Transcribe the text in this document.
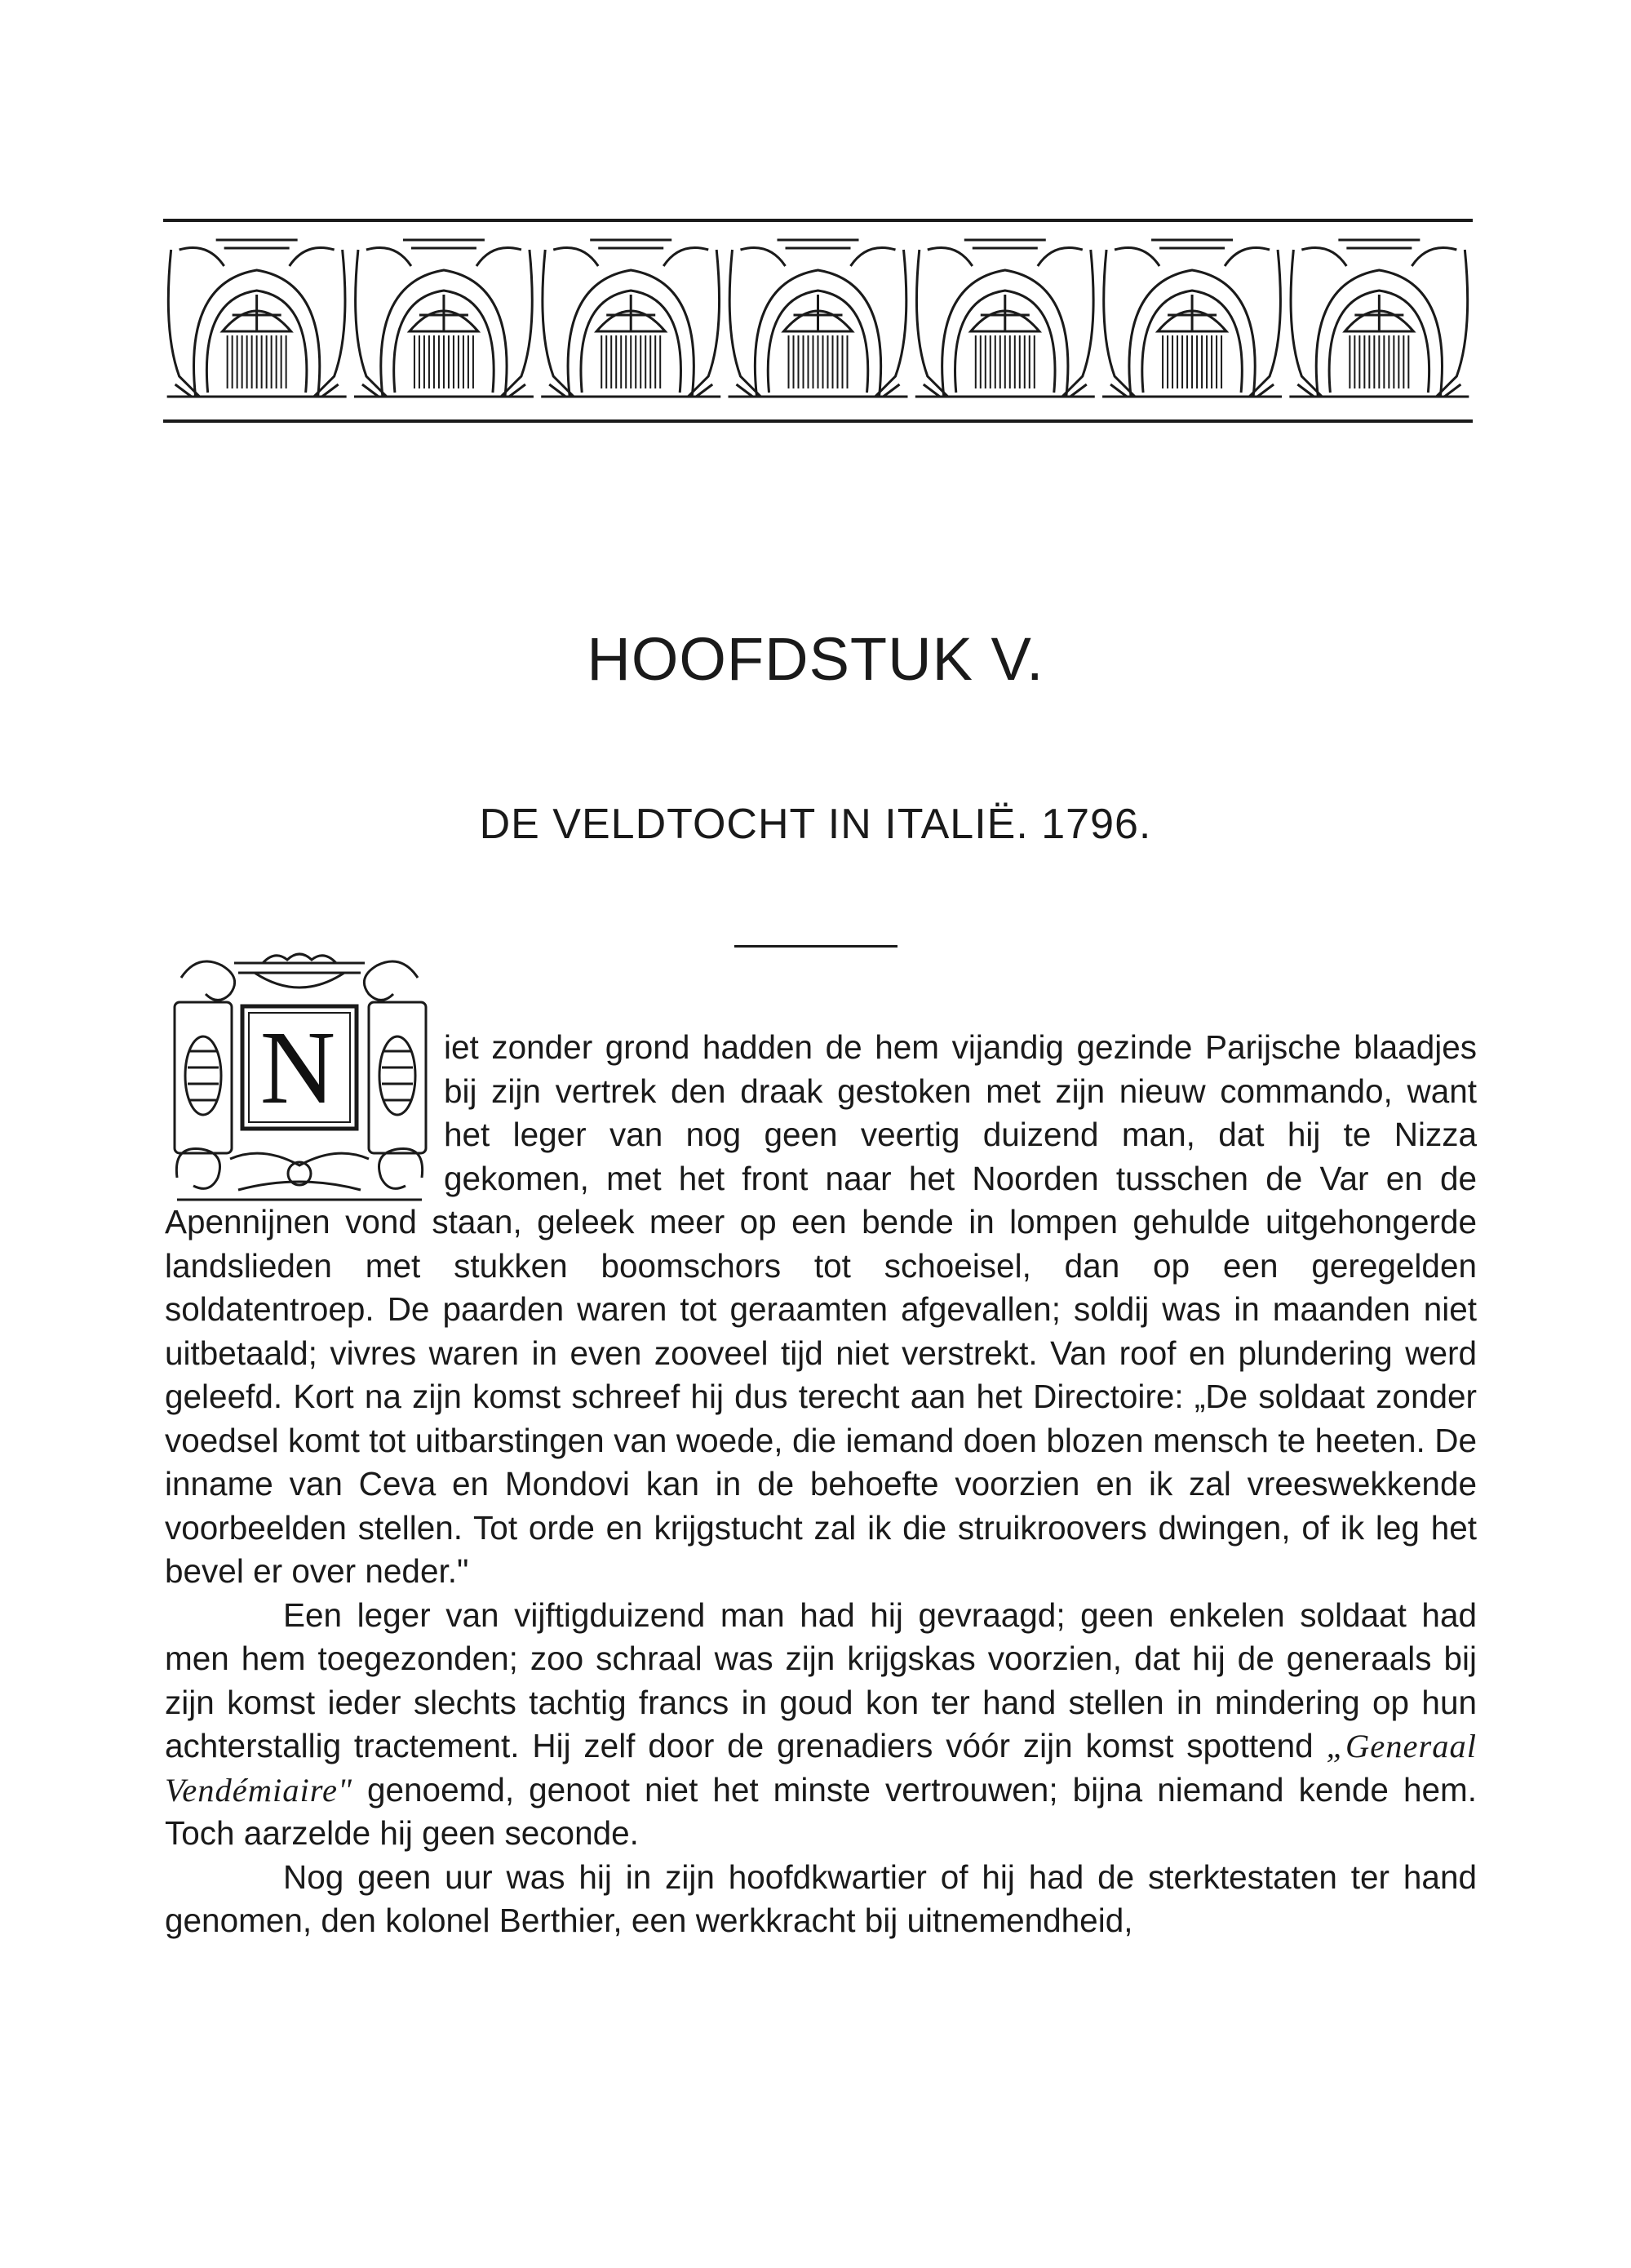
HOOFDSTUK V.
DE VELDTOCHT IN ITALIË. 1796.
N	iet zonder grond hadden de hem vijandig gezinde Parijsche blaadjes bij zijn vertrek den draak gestoken met zijn nieuw commando, want het leger van nog geen veertig duizend man, dat hij te Nizza gekomen, met het front naar het Noorden tusschen de Var en de Apennijnen vond staan, geleek meer op een bende in lompen gehulde uitgehongerde landslieden met stukken boomschors tot schoeisel, dan op een geregelden soldatentroep. De paarden waren tot geraamten afgevallen; soldij was in maanden niet uitbetaald; vivres waren in even zooveel tijd niet verstrekt. Van roof en plundering werd geleefd. Kort na zijn komst schreef hij dus terecht aan het Directoire: „De soldaat zonder voedsel komt tot uitbarstingen van woede, die iemand doen blozen mensch te heeten. De inname van Ceva en Mondovi kan in de behoefte voorzien en ik zal vreeswekkende voorbeelden stellen. Tot orde en krijgstucht zal ik die struikroovers dwingen, of ik leg het bevel er over neder."

Een leger van vijftigduizend man had hij gevraagd; geen enkelen soldaat had men hem toegezonden; zoo schraal was zijn krijgskas voorzien, dat hij de generaals bij zijn komst ieder slechts tachtig francs in goud kon ter hand stellen in mindering op hun achterstallig tractement. Hij zelf door de grenadiers vóór zijn komst spottend „Generaal Vendémiaire" genoemd, genoot niet het minste vertrouwen; bijna niemand kende hem. Toch aarzelde hij geen seconde.

Nog geen uur was hij in zijn hoofdkwartier of hij had de sterktestaten ter hand genomen, den kolonel Berthier, een werkkracht bij uitnemendheid,
